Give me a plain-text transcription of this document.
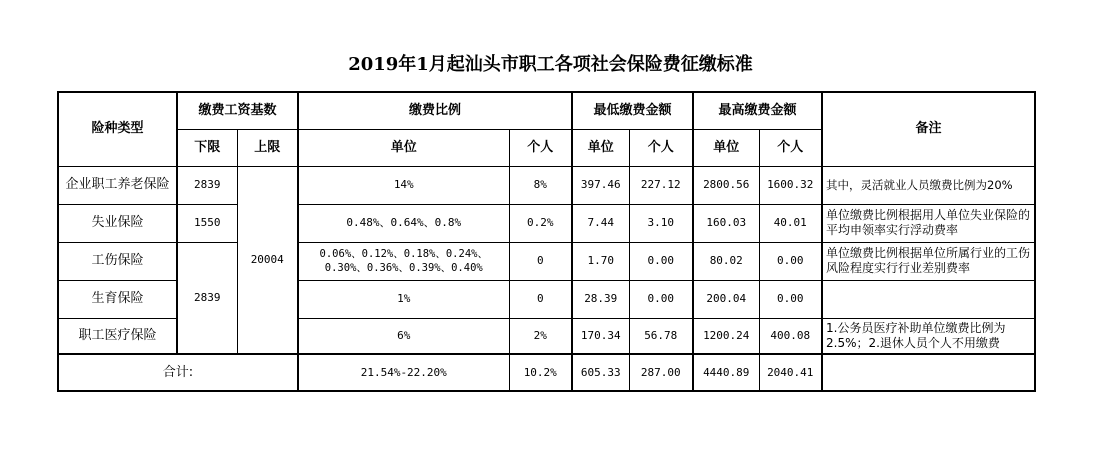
2019年1月起汕头市职工各项社会保险费征缴标准
险种类型	缴费工资基数		缴费比例		最低缴费金额		最高缴费金额		备注
	下限	上限	单位	个人	单位	个人	单位	个人	
企业职工养老保险	2839	20004	14%	8%	397.46	227.12	2800.56	1600.32	其中，灵活就业人员缴费比例为20%
失业保险	1550		0.48%、0.64%、0.8%	0.2%	7.44	3.10	160.03	40.01	单位缴费比例根据用人单位失业保险的平均申领率实行浮动费率
工伤保险	2839		0.06%、0.12%、0.18%、0.24%、0.30%、0.36%、0.39%、0.40%	0	1.70	0.00	80.02	0.00	单位缴费比例根据单位所属行业的工伤风险程度实行行业差别费率
生育保险			1%	0	28.39	0.00	200.04	0.00	
职工医疗保险			6%	2%	170.34	56.78	1200.24	400.08	1.公务员医疗补助单位缴费比例为2.5%；2.退休人员个人不用缴费
合计:			21.54%-22.20%	10.2%	605.33	287.00	4440.89	2040.41	
